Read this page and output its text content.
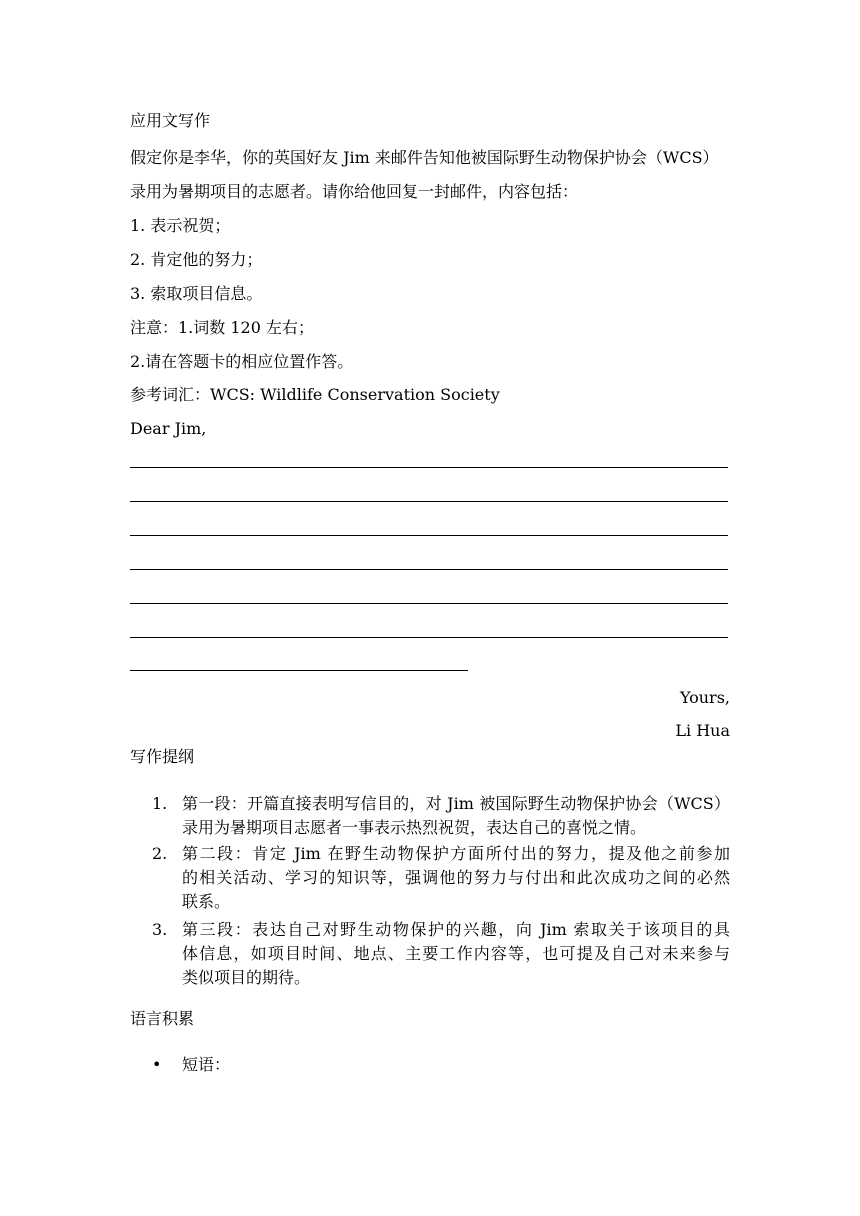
应用文写作
假定你是李华，你的英国好友 Jim 来邮件告知他被国际野生动物保护协会（WCS）
录用为暑期项目的志愿者。请你给他回复一封邮件，内容包括：
1. 表示祝贺；
2. 肯定他的努力；
3. 索取项目信息。
注意：1.词数 120 左右；
2.请在答题卡的相应位置作答。
参考词汇：WCS: Wildlife Conservation Society
Dear Jim,
Yours,
Li Hua
写作提纲
1. 第一段：开篇直接表明写信目的，对 Jim 被国际野生动物保护协会（WCS）
录用为暑期项目志愿者一事表示热烈祝贺，表达自己的喜悦之情。
2. 第二段：肯定 Jim 在野生动物保护方面所付出的努力，提及他之前参加
的相关活动、学习的知识等，强调他的努力与付出和此次成功之间的必然
联系。
3. 第三段：表达自己对野生动物保护的兴趣，向 Jim 索取关于该项目的具
体信息，如项目时间、地点、主要工作内容等，也可提及自己对未来参与
类似项目的期待。
语言积累
• 短语：
